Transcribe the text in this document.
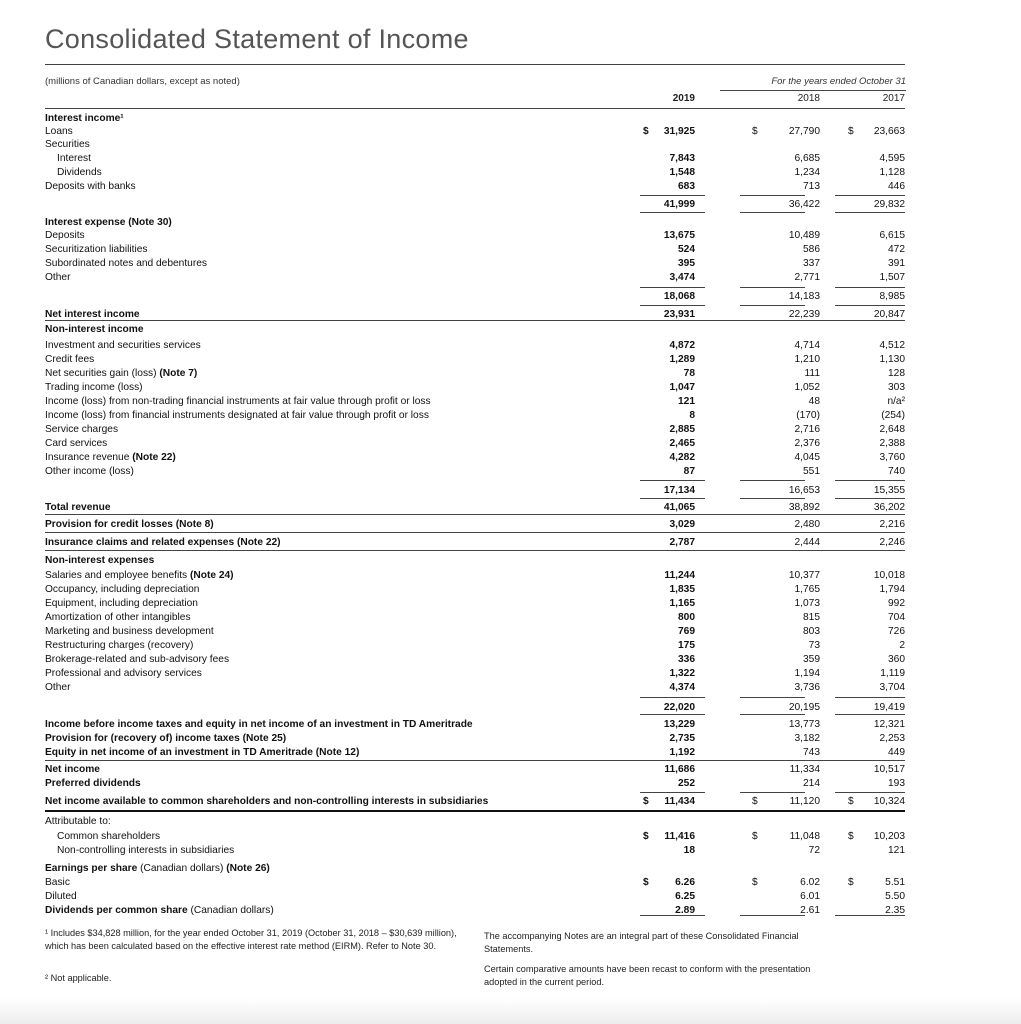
Consolidated Statement of Income
(millions of Canadian dollars, except as noted)	For the years ended October 31
2019	2018	2017
Interest income¹
Loans	$	31,925	$	27,790	$	23,663
Securities
Interest	7,843	6,685	4,595
Dividends	1,548	1,234	1,128
Deposits with banks	683	713	446
41,999	36,422	29,832
Interest expense (Note 30)
Deposits	13,675	10,489	6,615
Securitization liabilities	524	586	472
Subordinated notes and debentures	395	337	391
Other	3,474	2,771	1,507
18,068	14,183	8,985
Net interest income	23,931	22,239	20,847
Non-interest income
Investment and securities services	4,872	4,714	4,512
Credit fees	1,289	1,210	1,130
Net securities gain (loss) (Note 7)	78	111	128
Trading income (loss)	1,047	1,052	303
Income (loss) from non-trading financial instruments at fair value through profit or loss	121	48	n/a²
Income (loss) from financial instruments designated at fair value through profit or loss	8	(170)	(254)
Service charges	2,885	2,716	2,648
Card services	2,465	2,376	2,388
Insurance revenue (Note 22)	4,282	4,045	3,760
Other income (loss)	87	551	740
17,134	16,653	15,355
Total revenue	41,065	38,892	36,202
Provision for credit losses (Note 8)	3,029	2,480	2,216
Insurance claims and related expenses (Note 22)	2,787	2,444	2,246
Non-interest expenses
Salaries and employee benefits (Note 24)	11,244	10,377	10,018
Occupancy, including depreciation	1,835	1,765	1,794
Equipment, including depreciation	1,165	1,073	992
Amortization of other intangibles	800	815	704
Marketing and business development	769	803	726
Restructuring charges (recovery)	175	73	2
Brokerage-related and sub-advisory fees	336	359	360
Professional and advisory services	1,322	1,194	1,119
Other	4,374	3,736	3,704
22,020	20,195	19,419
Income before income taxes and equity in net income of an investment in TD Ameritrade	13,229	13,773	12,321
Provision for (recovery of) income taxes (Note 25)	2,735	3,182	2,253
Equity in net income of an investment in TD Ameritrade (Note 12)	1,192	743	449
Net income	11,686	11,334	10,517
Preferred dividends	252	214	193
Net income available to common shareholders and non-controlling interests in subsidiaries	$	11,434	$	11,120	$	10,324
Attributable to:
Common shareholders	$	11,416	$	11,048	$	10,203
Non-controlling interests in subsidiaries	18	72	121
Earnings per share (Canadian dollars) (Note 26)
Basic	$	6.26	$	6.02	$	5.51
Diluted	6.25	6.01	5.50
Dividends per common share (Canadian dollars)	2.89	2.61	2.35
¹ Includes $34,828 million, for the year ended October 31, 2019 (October 31, 2018 – $30,639 million), which has been calculated based on the effective interest rate method (EIRM). Refer to Note 30.
² Not applicable.
The accompanying Notes are an integral part of these Consolidated Financial Statements.
Certain comparative amounts have been recast to conform with the presentation adopted in the current period.
